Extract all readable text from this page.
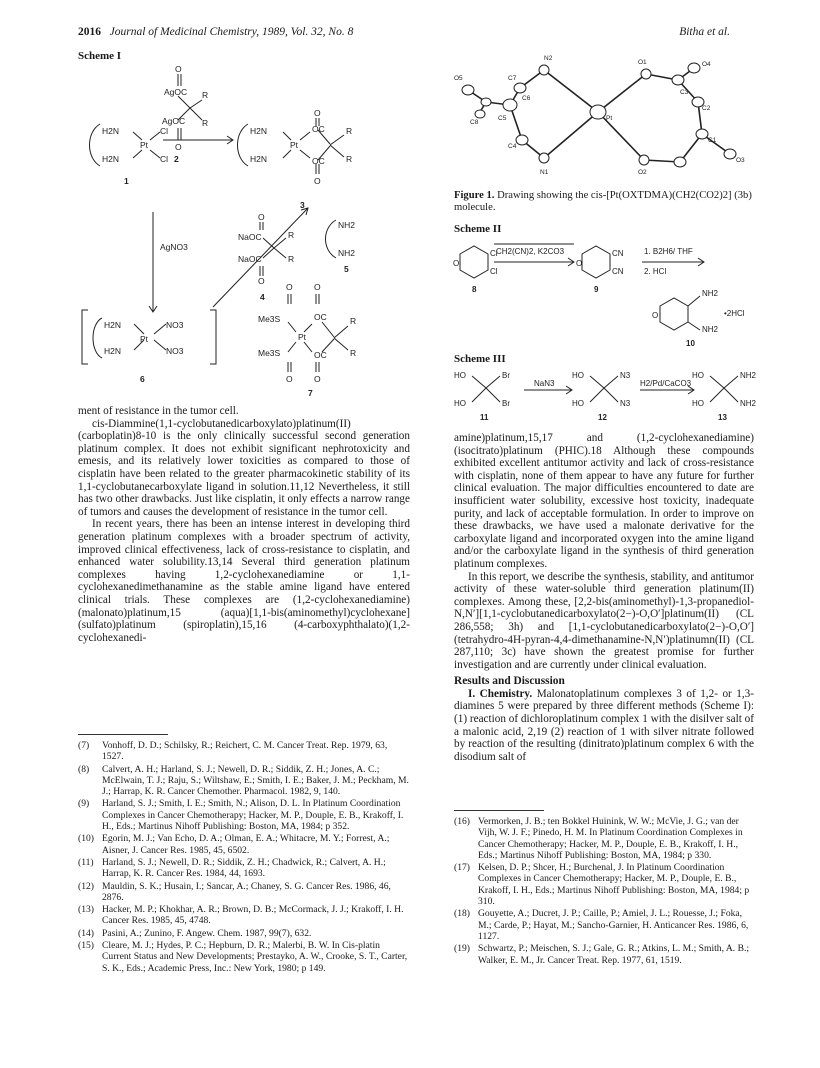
2016 Journal of Medicinal Chemistry, 1989, Vol. 32, No. 8	Bitha et al.
Scheme I
O
AgOC R
AgOC R
O
2
H2N
Pt
Cl
H2N	Cl
1
AgNO3
H2N
Pt
H2N
OC
O
OC
O
R
R
3
O
NaOC	R
NaOC	R
O
4
NH2
NH2
5
H2N
Pt
NO3
H2N	NO3
6
O	O
Me3S
Pt
Me3S
OC
OC
R
R
O	O
7

ment of resistance in the tumor cell.

cis-Diammine(1,1-cyclobutanedicarboxylato)platinum(II) (carboplatin)8-10 is the only clinically successful second generation platinum complex. It does not exhibit significant nephrotoxicity and emesis, and its relatively lower toxicities as compared to those of cisplatin have been related to the greater pharmacokinetic stability of its 1,1-cyclobutanecarboxylate ligand in solution.11,12 Nevertheless, it still has two other drawbacks. Just like cisplatin, it only effects a narrow range of tumors and causes the development of resistance in the tumor cell.

In recent years, there has been an intense interest in developing third generation platinum complexes with a broader spectrum of activity, improved clinical effectiveness, lack of cross-resistance to cisplatin, and enhanced water solubility.13,14 Several third generation platinum complexes having 1,2-cyclohexanediamine or 1,1-cyclohexanedimethanamine as the stable amine ligand have entered clinical trials. These complexes are (1,2-cyclohexanediamine)(malonato)platinum,15 (aqua)[1,1-bis(aminomethyl)cyclohexane](sulfato)platinum (spiroplatin),15,16 (4-carboxyphthalato)(1,2-cyclohexanedi-

(7) Vonhoff, D. D.; Schilsky, R.; Reichert, C. M. Cancer Treat. Rep. 1979, 63, 1527.
(8) Calvert, A. H.; Harland, S. J.; Newell, D. R.; Siddik, Z. H.; Jones, A. C.; McElwain, T. J.; Raju, S.; Wiltshaw, E.; Smith, I. E.; Baker, J. M.; Peckham, M. J.; Harrap, K. R. Cancer Chemother. Pharmacol. 1982, 9, 140.
(9) Harland, S. J.; Smith, I. E.; Smith, N.; Alison, D. L. In Platinum Coordination Complexes in Cancer Chemotherapy; Hacker, M. P., Douple, E. B., Krakoff, I. H., Eds.; Martinus Nihoff Publishing: Boston, MA, 1984; p 352.
(10) Egorin, M. J.; Van Echo, D. A.; Olman, E. A.; Whitacre, M. Y.; Forrest, A.; Aisner, J. Cancer Res. 1985, 45, 6502.
(11) Harland, S. J.; Newell, D. R.; Siddik, Z. H.; Chadwick, R.; Calvert, A. H.; Harrap, K. R. Cancer Res. 1984, 44, 1693.
(12) Mauldin, S. K.; Husain, I.; Sancar, A.; Chaney, S. G. Cancer Res. 1986, 46, 2876.
(13) Hacker, M. P.; Khokhar, A. R.; Brown, D. B.; McCormack, J. J.; Krakoff, I. H. Cancer Res. 1985, 45, 4748.
(14) Pasini, A.; Zunino, F. Angew. Chem. 1987, 99(7), 632.
(15) Cleare, M. J.; Hydes, P. C.; Hepburn, D. R.; Malerbi, B. W. In Cis-platin Current Status and New Developments; Prestayko, A. W., Crooke, S. T., Carter, S. K., Eds.; Academic Press, Inc.: New York, 1980; p 149.
O5	C7
N2
O1	O4
C3
C6
C5	Pt
C2
C8
C4
N1	O2
C1
O3
Figure 1. Drawing showing the cis-[Pt(OXTDMA)(CH2(CO2)2] (3b) molecule.
Scheme II
O
Cl
Cl
CH2(CN)2, K2CO3
O
CN
CN
1. B2H6/ THF
2. HCl
O
NH2
NH2
•2HCl
8	9
10
Scheme III
HO
HO
Br
Br
NaN3
HO
HO
N3
N3
H2/Pd/CaCO3
HO
HO
NH2
NH2
11	12	13

amine)platinum,15,17 and (1,2-cyclohexanediamine)(isocitrato)platinum (PHIC).18 Although these compounds exhibited excellent antitumor activity and lack of cross-resistance with cisplatin, none of them appear to have any future for further clinical evaluation. The major difficulties encountered to date are insufficient water solubility, excessive host toxicity, inadequate purity, and lack of acceptable formulation. In order to improve on these drawbacks, we have used a malonate derivative for the carboxylate ligand and incorporated oxygen into the amine ligand and/or the carboxylate ligand in the synthesis of third generation platinum complexes.

In this report, we describe the synthesis, stability, and antitumor activity of these water-soluble third generation platinum(II) complexes. Among these, [2,2-bis(aminomethyl)-1,3-propanediol-N,N′][1,1-cyclobutanedicarboxylato(2−)-O,O′]platinum(II) (CL 286,558; 3h) and [1,1-cyclobutanedicarboxylato(2−)-O,O′](tetrahydro-4H-pyran-4,4-dimethanamine-N,N′)platinumn(II) (CL 287,110; 3c) have shown the greatest promise for further investigation and are currently under clinical evaluation.

Results and Discussion

I. Chemistry. Malonatoplatinum complexes 3 of 1,2- or 1,3-diamines 5 were prepared by three different methods (Scheme I): (1) reaction of dichloroplatinum complex 1 with the disilver salt of a malonic acid, 2,19 (2) reaction of 1 with silver nitrate followed by reaction of the resulting (dinitrato)platinum complex 6 with the disodium salt of

(16) Vermorken, J. B.; ten Bokkel Huinink, W. W.; McVie, J. G.; van der Vijh, W. J. F.; Pinedo, H. M. In Platinum Coordination Complexes in Cancer Chemotherapy; Hacker, M. P., Douple, E. B., Krakoff, I. H., Eds.; Martinus Nihoff Publishing: Boston, MA, 1984; p 330.
(17) Kelsen, D. P.; Shcer, H.; Burchenal, J. In Platinum Coordination Complexes in Cancer Chemotherapy; Hacker, M. P., Douple, E. B., Krakoff, I. H., Eds.; Martinus Nihoff Publishing: Boston, MA, 1984; p 310.
(18) Gouyette, A.; Ducret, J. P.; Caille, P.; Amiel, J. L.; Rouesse, J.; Foka, M.; Carde, P.; Hayat, M.; Sancho-Garnier, H. Anticancer Res. 1986, 6, 1127.
(19) Schwartz, P.; Meischen, S. J.; Gale, G. R.; Atkins, L. M.; Smith, A. B.; Walker, E. M., Jr. Cancer Treat. Rep. 1977, 61, 1519.
